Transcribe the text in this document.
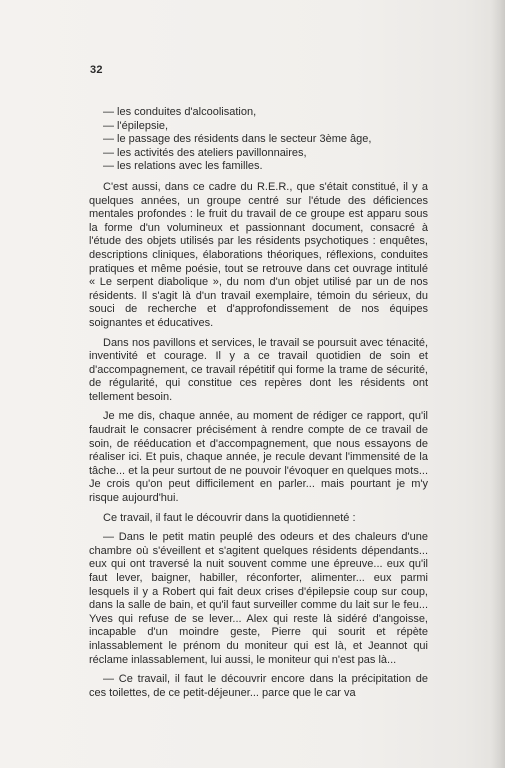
32
— les conduites d'alcoolisation,
— l'épilepsie,
— le passage des résidents dans le secteur 3ème âge,
— les activités des ateliers pavillonnaires,
— les relations avec les familles.

C'est aussi, dans ce cadre du R.E.R., que s'était constitué, il y a quelques années, un groupe centré sur l'étude des déficiences mentales profondes : le fruit du travail de ce groupe est apparu sous la forme d'un volumineux et passionnant document, consacré à l'étude des objets utilisés par les résidents psychotiques : enquêtes, descriptions cliniques, élaborations théoriques, réflexions, conduites pratiques et même poésie, tout se retrouve dans cet ouvrage intitulé « Le serpent diabolique », du nom d'un objet utilisé par un de nos résidents. Il s'agit là d'un travail exemplaire, témoin du sérieux, du souci de recherche et d'approfondissement de nos équipes soignantes et éducatives.

Dans nos pavillons et services, le travail se poursuit avec ténacité, inventivité et courage. Il y a ce travail quotidien de soin et d'accompagnement, ce travail répétitif qui forme la trame de sécurité, de régularité, qui constitue ces repères dont les résidents ont tellement besoin.

Je me dis, chaque année, au moment de rédiger ce rapport, qu'il faudrait le consacrer précisément à rendre compte de ce travail de soin, de rééducation et d'accompagnement, que nous essayons de réaliser ici. Et puis, chaque année, je recule devant l'immensité de la tâche... et la peur surtout de ne pouvoir l'évoquer en quelques mots... Je crois qu'on peut difficilement en parler... mais pourtant je m'y risque aujourd'hui.

Ce travail, il faut le découvrir dans la quotidienneté :

— Dans le petit matin peuplé des odeurs et des chaleurs d'une chambre où s'éveillent et s'agitent quelques résidents dépendants... eux qui ont traversé la nuit souvent comme une épreuve... eux qu'il faut lever, baigner, habiller, réconforter, alimenter... eux parmi lesquels il y a Robert qui fait deux crises d'épilepsie coup sur coup, dans la salle de bain, et qu'il faut surveiller comme du lait sur le feu... Yves qui refuse de se lever... Alex qui reste là sidéré d'angoisse, incapable d'un moindre geste, Pierre qui sourit et répète inlassablement le prénom du moniteur qui est là, et Jeannot qui réclame inlassablement, lui aussi, le moniteur qui n'est pas là...

— Ce travail, il faut le découvrir encore dans la précipitation de ces toilettes, de ce petit-déjeuner... parce que le car va
